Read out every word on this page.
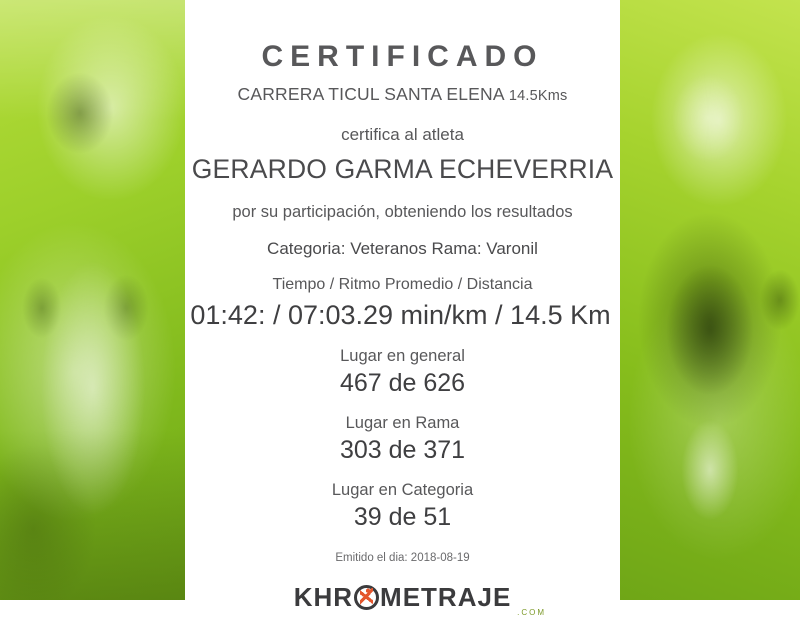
CERTIFICADO
CARRERA TICUL SANTA ELENA 14.5Kms
certifica al atleta
GERARDO GARMA ECHEVERRIA
por su participación, obteniendo los resultados
Categoria: Veteranos Rama: Varonil
Tiempo / Ritmo Promedio / Distancia
01:42: / 07:03.29 min/km / 14.5 Km
Lugar en general
467 de 626
Lugar en Rama
303 de 371
Lugar en Categoria
39 de 51
Emitido el dia: 2018-08-19
KHR METRAJE
.COM
